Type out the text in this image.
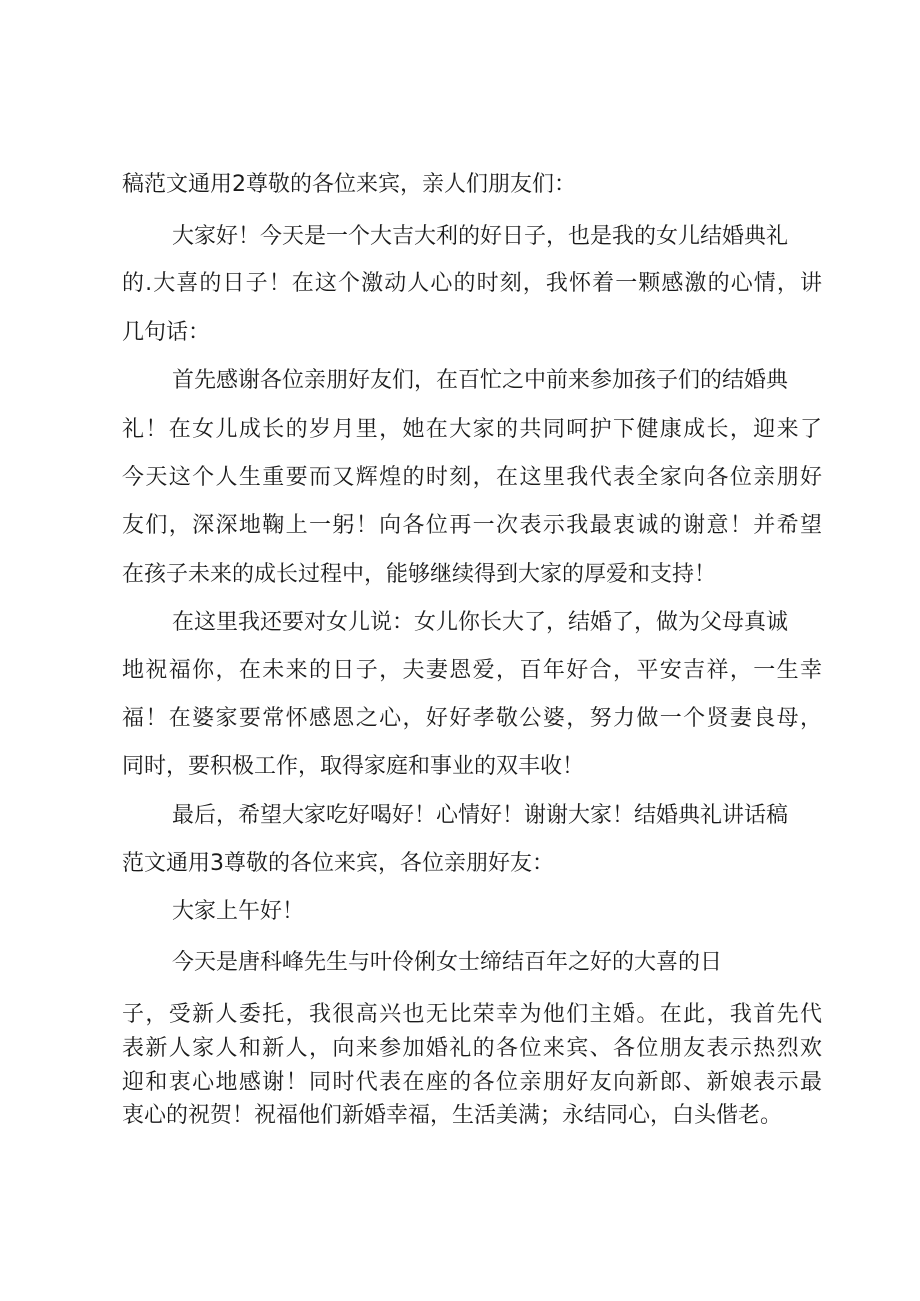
稿范文通用2尊敬的各位来宾，亲人们朋友们：

大家好！今天是一个大吉大利的好日子，也是我的女儿结婚典礼

的.大喜的日子！在这个激动人心的时刻，我怀着一颗感激的心情，讲

几句话：

首先感谢各位亲朋好友们，在百忙之中前来参加孩子们的结婚典

礼！在女儿成长的岁月里，她在大家的共同呵护下健康成长，迎来了

今天这个人生重要而又辉煌的时刻，在这里我代表全家向各位亲朋好

友们，深深地鞠上一躬！向各位再一次表示我最衷诚的谢意！并希望

在孩子未来的成长过程中，能够继续得到大家的厚爱和支持！

在这里我还要对女儿说：女儿你长大了，结婚了，做为父母真诚

地祝福你，在未来的日子，夫妻恩爱，百年好合，平安吉祥，一生幸

福！在婆家要常怀感恩之心，好好孝敬公婆，努力做一个贤妻良母，

同时，要积极工作，取得家庭和事业的双丰收！

最后，希望大家吃好喝好！心情好！谢谢大家！结婚典礼讲话稿

范文通用3尊敬的各位来宾，各位亲朋好友：

大家上午好！

今天是唐科峰先生与叶伶俐女士缔结百年之好的大喜的日

子，受新人委托，我很高兴也无比荣幸为他们主婚。在此，我首先代

表新人家人和新人，向来参加婚礼的各位来宾、各位朋友表示热烈欢

迎和衷心地感谢！同时代表在座的各位亲朋好友向新郎、新娘表示最

衷心的祝贺！祝福他们新婚幸福，生活美满；永结同心，白头偕老。
